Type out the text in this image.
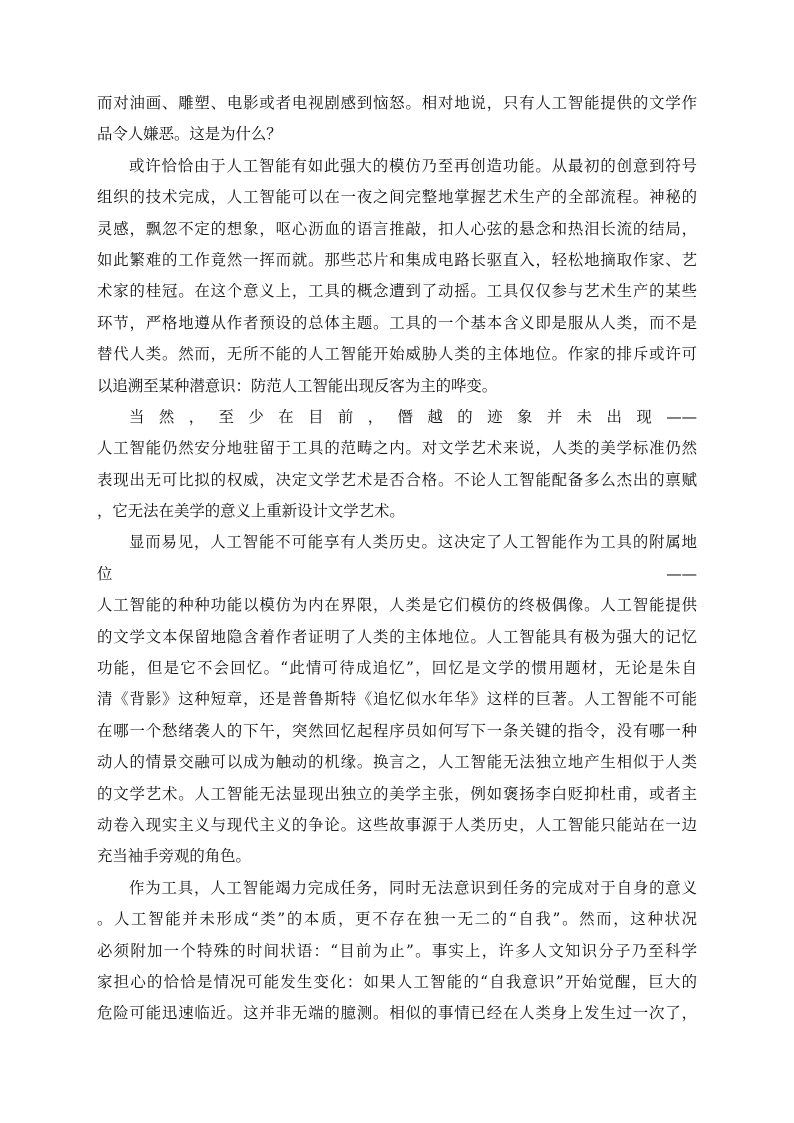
而对油画、雕塑、电影或者电视剧感到恼怒。相对地说，只有人工智能提供的文学作
品令人嫌恶。这是为什么？
或许恰恰由于人工智能有如此强大的模仿乃至再创造功能。从最初的创意到符号
组织的技术完成，人工智能可以在一夜之间完整地掌握艺术生产的全部流程。神秘的
灵感，飘忽不定的想象，呕心沥血的语言推敲，扣人心弦的悬念和热泪长流的结局，
如此繁难的工作竟然一挥而就。那些芯片和集成电路长驱直入，轻松地摘取作家、艺
术家的桂冠。在这个意义上，工具的概念遭到了动摇。工具仅仅参与艺术生产的某些
环节，严格地遵从作者预设的总体主题。工具的一个基本含义即是服从人类，而不是
替代人类。然而，无所不能的人工智能开始威胁人类的主体地位。作家的排斥或许可
以追溯至某种潜意识：防范人工智能出现反客为主的哗变。
当 然 ， 至 少 在 目 前 ， 僭 越 的 迹 象 并 未 出 现 ——
人工智能仍然安分地驻留于工具的范畴之内。对文学艺术来说，人类的美学标准仍然
表现出无可比拟的权威，决定文学艺术是否合格。不论人工智能配备多么杰出的禀赋
，它无法在美学的意义上重新设计文学艺术。
显而易见，人工智能不可能享有人类历史。这决定了人工智能作为工具的附属地
位 ——
人工智能的种种功能以模仿为内在界限，人类是它们模仿的终极偶像。人工智能提供
的文学文本保留地隐含着作者证明了人类的主体地位。人工智能具有极为强大的记忆
功能，但是它不会回忆。“此情可待成追忆”，回忆是文学的惯用题材，无论是朱自
清《背影》这种短章，还是普鲁斯特《追忆似水年华》这样的巨著。人工智能不可能
在哪一个愁绪袭人的下午，突然回忆起程序员如何写下一条关键的指令，没有哪一种
动人的情景交融可以成为触动的机缘。换言之，人工智能无法独立地产生相似于人类
的文学艺术。人工智能无法显现出独立的美学主张，例如褒扬李白贬抑杜甫，或者主
动卷入现实主义与现代主义的争论。这些故事源于人类历史，人工智能只能站在一边
充当袖手旁观的角色。
作为工具，人工智能竭力完成任务，同时无法意识到任务的完成对于自身的意义
。人工智能并未形成“类”的本质，更不存在独一无二的“自我”。然而，这种状况
必须附加一个特殊的时间状语：“目前为止”。事实上，许多人文知识分子乃至科学
家担心的恰恰是情况可能发生变化：如果人工智能的“自我意识”开始觉醒，巨大的
危险可能迅速临近。这并非无端的臆测。相似的事情已经在人类身上发生过一次了，
